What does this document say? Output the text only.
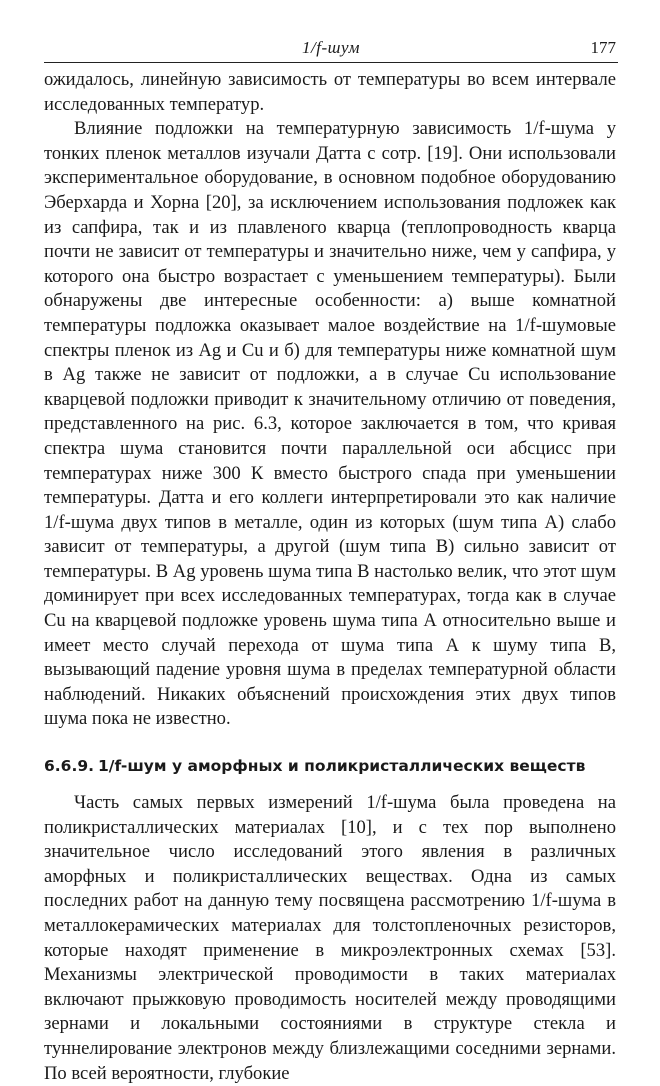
1/f-шум	177

ожидалось, линейную зависимость от температуры во всем интервале исследованных температур.

Влияние подложки на температурную зависимость 1/f-шума у тонких пленок металлов изучали Датта с сотр. [19]. Они использовали экспериментальное оборудование, в основном подобное оборудованию Эберхарда и Хорна [20], за исключением использования подложек как из сапфира, так и из плавленого кварца (теплопроводность кварца почти не зависит от температуры и значительно ниже, чем у сапфира, у которого она быстро возрастает с уменьшением температуры). Были обнаружены две интересные особенности: а) выше комнатной температуры подложка оказывает малое воздействие на 1/f-шумовые спектры пленок из Ag и Cu и б) для температуры ниже комнатной шум в Ag также не зависит от подложки, а в случае Cu использование кварцевой подложки приводит к значительному отличию от поведения, представленного на рис. 6.3, которое заключается в том, что кривая спектра шума становится почти параллельной оси абсцисс при температурах ниже 300 К вместо быстрого спада при уменьшении температуры. Датта и его коллеги интерпретировали это как наличие 1/f-шума двух типов в металле, один из которых (шум типа А) слабо зависит от температуры, а другой (шум типа В) сильно зависит от температуры. В Ag уровень шума типа В настолько велик, что этот шум доминирует при всех исследованных температурах, тогда как в случае Cu на кварцевой подложке уровень шума типа А относительно выше и имеет место случай перехода от шума типа А к шуму типа В, вызывающий падение уровня шума в пределах температурной области наблюдений. Никаких объяснений происхождения этих двух типов шума пока не известно.

6.6.9. 1/f-шум у аморфных и поликристаллических веществ

Часть самых первых измерений 1/f-шума была проведена на поликристаллических материалах [10], и с тех пор выполнено значительное число исследований этого явления в различных аморфных и поликристаллических веществах. Одна из самых последних работ на данную тему посвящена рассмотрению 1/f-шума в металлокерамических материалах для толстопленочных резисторов, которые находят применение в микроэлектронных схемах [53]. Механизмы электрической проводимости в таких материалах включают прыжковую проводимость носителей между проводящими зернами и локальными состояниями в структуре стекла и туннелирование электронов между близлежащими соседними зернами. По всей вероятности, глубокие
